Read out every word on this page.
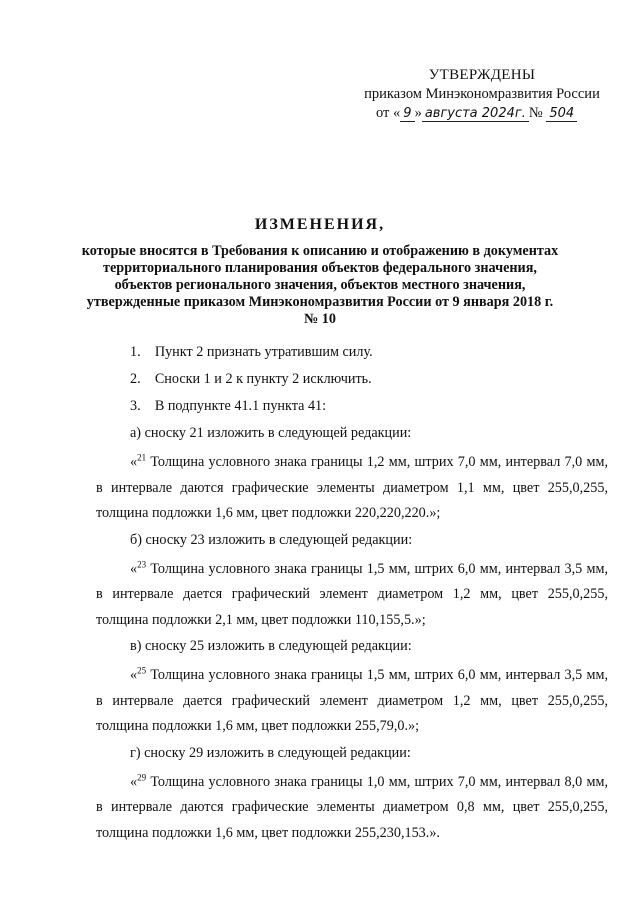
УТВЕРЖДЕНЫ
приказом Минэкономразвития России
от « 9 » августа 2024г. № 504
ИЗМЕНЕНИЯ,
которые вносятся в Требования к описанию и отображению в документах территориального планирования объектов федерального значения, объектов регионального значения, объектов местного значения, утвержденные приказом Минэкономразвития России от 9 января 2018 г. № 10
1.    Пункт 2 признать утратившим силу.
2.    Сноски 1 и 2 к пункту 2 исключить.
3.    В подпункте 41.1 пункта 41:
а) сноску 21 изложить в следующей редакции:
«$^{21}$ Толщина условного знака границы 1,2 мм, штрих 7,0 мм, интервал 7,0 мм, в интервале даются графические элементы диаметром 1,1 мм, цвет 255,0,255, толщина подложки 1,6 мм, цвет подложки 220,220,220.»;
б) сноску 23 изложить в следующей редакции:
«$^{23}$ Толщина условного знака границы 1,5 мм, штрих 6,0 мм, интервал 3,5 мм, в интервале дается графический элемент диаметром 1,2 мм, цвет 255,0,255, толщина подложки 2,1 мм, цвет подложки 110,155,5.»;
в) сноску 25 изложить в следующей редакции:
«$^{25}$ Толщина условного знака границы 1,5 мм, штрих 6,0 мм, интервал 3,5 мм, в интервале дается графический элемент диаметром 1,2 мм, цвет 255,0,255, толщина подложки 1,6 мм, цвет подложки 255,79,0.»;
г) сноску 29 изложить в следующей редакции:
«$^{29}$ Толщина условного знака границы 1,0 мм, штрих 7,0 мм, интервал 8,0 мм, в интервале даются графические элементы диаметром 0,8 мм, цвет 255,0,255, толщина подложки 1,6 мм, цвет подложки 255,230,153.».
